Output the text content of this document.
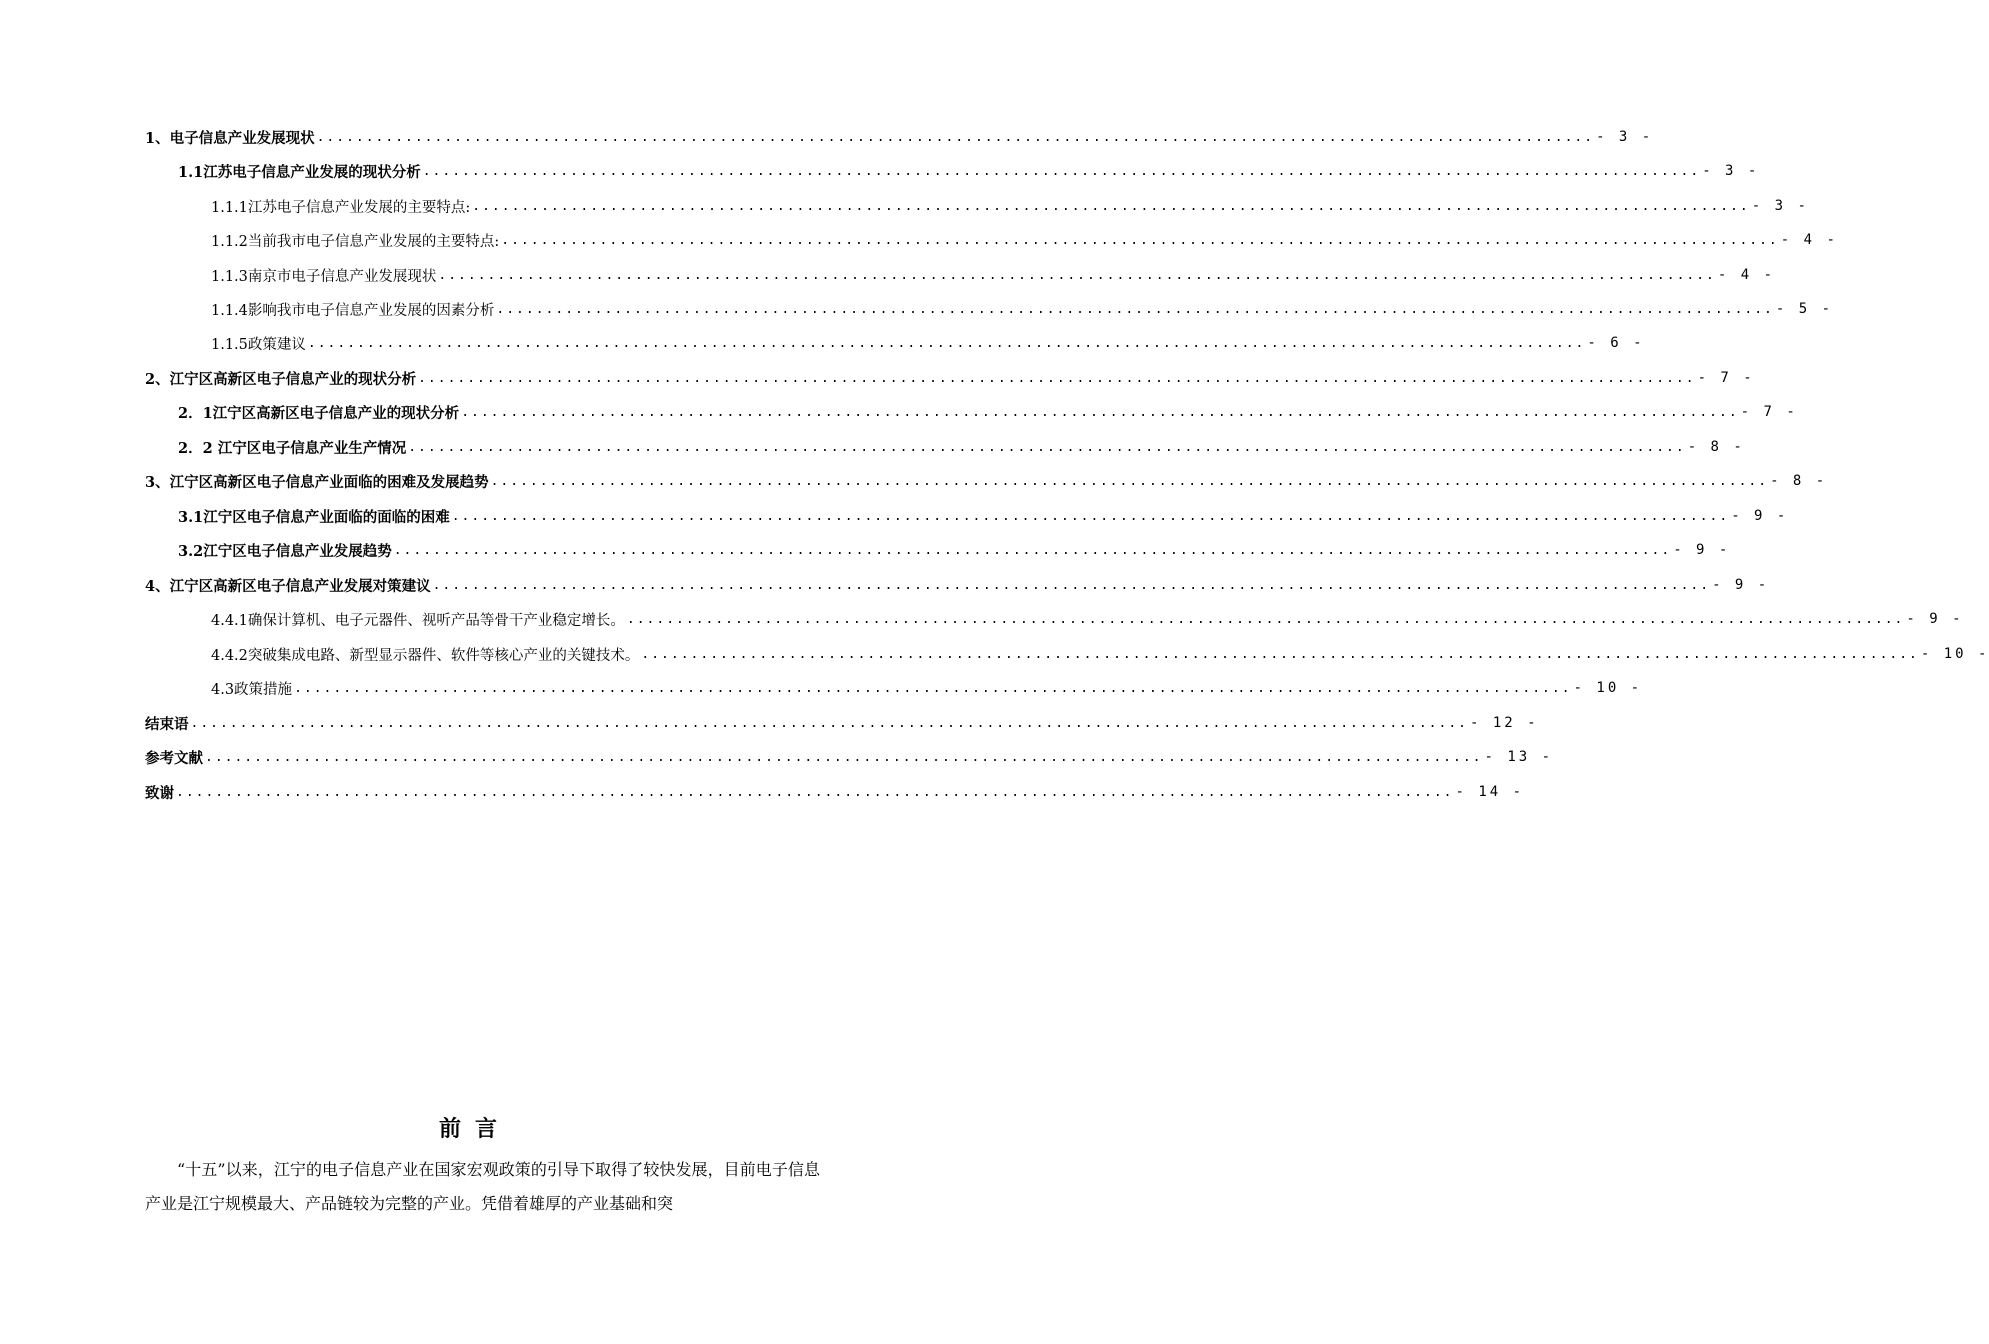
1、电子信息产业发展现状 .................................................................................................................................. - 3 -
1.1江苏电子信息产业发展的现状分析 .................................................................................................................................. - 3 -
1.1.1江苏电子信息产业发展的主要特点: .................................................................................................................................. - 3 -
1.1.2当前我市电子信息产业发展的主要特点: .................................................................................................................................. - 4 -
1.1.3南京市电子信息产业发展现状 .................................................................................................................................. - 4 -
1.1.4影响我市电子信息产业发展的因素分析 .................................................................................................................................. - 5 -
1.1.5政策建议 .................................................................................................................................. - 6 -
2、江宁区高新区电子信息产业的现状分析 .................................................................................................................................. - 7 -
2．1江宁区高新区电子信息产业的现状分析 .................................................................................................................................. - 7 -
2．2 江宁区电子信息产业生产情况 .................................................................................................................................. - 8 -
3、江宁区高新区电子信息产业面临的困难及发展趋势 .................................................................................................................................. - 8 -
3.1江宁区电子信息产业面临的面临的困难 .................................................................................................................................. - 9 -
3.2江宁区电子信息产业发展趋势 .................................................................................................................................. - 9 -
4、江宁区高新区电子信息产业发展对策建议 .................................................................................................................................. - 9 -
4.4.1确保计算机、电子元器件、视听产品等骨干产业稳定增长。 .................................................................................................................................. - 9 -
4.4.2突破集成电路、新型显示器件、软件等核心产业的关键技术。 .................................................................................................................................. - 10 -
4.3政策措施 .................................................................................................................................. - 10 -
结束语 .................................................................................................................................. - 12 -
参考文献 .................................................................................................................................. - 13 -
致谢 .................................................................................................................................. - 14 -
前言

“十五”以来，江宁的电子信息产业在国家宏观政策的引导下取得了较快发展，目前电子信息产业是江宁规模最大、产品链较为完整的产业。凭借着雄厚的产业基础和突
